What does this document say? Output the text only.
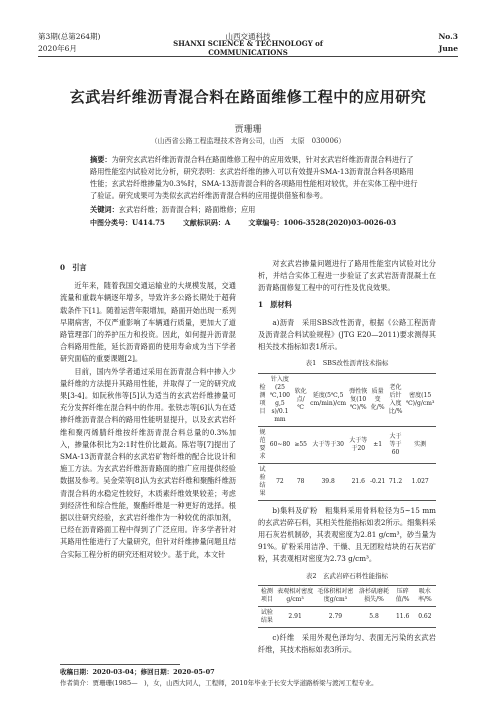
第3期(总第264期)	山西交通科技	No.3
2020年6月	SHANXI SCIENCE & TECHNOLOGY of COMMUNICATIONS	June
玄武岩纤维沥青混合料在路面维修工程中的应用研究
贾珊珊
（山西省公路工程监理技术咨询公司，山西　太原　030006）
摘要：为研究玄武岩纤维沥青混合料在路面维修工程中的应用效果，针对玄武岩纤维沥青混合料进行了路用性能室内试验对比分析，研究表明：玄武岩纤维的掺入可以有效提升SMA-13沥青混合料各项路用性能；玄武岩纤维掺量为0.3%时，SMA-13沥青混合料的各项路用性能相对较优，并在实体工程中进行了验证。研究成果可为类似玄武岩纤维沥青混合料的应用提供借鉴和参考。
关键词：玄武岩纤维；沥青混合料；路面维修；应用
中图分类号：U414.75	文献标识码：A	文章编号：1006-3528(2020)03-0026-03
0　引言

近年来，随着我国交通运输业的大规模发展，交通流量和重载车辆逐年增多，导致许多公路长期处于超荷载条件下[1]。随着运营年限增加，路面开始出现一系列早期病害，不仅严重影响了车辆通行质量，更加大了道路管理部门的养护压力和投资。因此，如何提升沥青混合料路用性能，延长沥青路面的使用寿命成为当下学者研究面临的重要课题[2]。

目前，国内外学者通过采用在沥青混合料中掺入少量纤维的方法提升其路用性能，并取得了一定的研究成果[3-4]。如阮秋伟等[5]认为适当的玄武岩纤维掺量可充分发挥纤维在混合料中的作用。张铁志等[6]认为在适掺纤维沥青混合料的路用性能明显提升，以及玄武岩纤维和聚丙烯腈纤维按纤维沥青混合料总量的0.3%加入，掺量体积比为2:1时性价比最高。陈岩等[7]提出了SMA-13沥青混合料的玄武岩矿物纤维的配合比设计和施工方法。为玄武岩纤维沥青路面的推广应用提供经验数据及参考。吴金荣等[8]认为玄武岩纤维和聚酯纤维沥青混合料的水稳定性较好，木质素纤维效果较差；考虑到经济性和综合性能，聚酯纤维是一种更好的选择。根据以往研究经验，玄武岩纤维作为一种较优的添加剂，已经在沥青路面工程中得到了广泛应用。许多学者针对其路用性能进行了大量研究，但针对纤维掺量问题且结合实际工程分析的研究还相对较少。基于此，本文针

对玄武岩掺量问题进行了路用性能室内试验对比分析，并结合实体工程进一步验证了玄武岩沥青混凝土在沥青路面修复工程中的可行性及优良效果。

1　原材料

a)沥青　采用SBS改性沥青，根据《公路工程沥青及沥青混合料试验规程》(JTG E20—2011)要求测得其相关技术指标如表1所示。

表1　SBS改性沥青技术指标
检测项目	针入度(25 ℃,100 g,5 s)/0.1 mm	软化点/℃	延度(5℃,5 cm/min)/cm	弹性恢复(10 ℃)/%	质量变化/%	老化后针入度比/%	密度(15 ℃)/g/cm³
规范要求	60~80	≥55	大于等于30	大于等于20	±1	大于等于60	实测
试验结果	72	78	39.8	21.6	-0.21	71.2	1.027

b)集料及矿粉　粗集料采用骨料粒径为5~15 mm的玄武岩碎石料，其相关性能指标如表2所示。细集料采用石灰岩机制砂，其表观密度为2.81 g/cm³，砂当量为91%。矿粉采用洁净、干燥、且无团粒结块的石灰岩矿粉，其表观相对密度为2.73 g/cm³。

表2　玄武岩碎石料性能指标
检测项目	表观相对密度g/cm³	毛体积相对密度g/cm³	洛杉矶磨耗损失/%	压碎值/%	吸水率/%
试验结果	2.91	2.79	5.8	11.6	0.62

c)纤维　采用外观色泽均匀、表面无污染的玄武岩纤维，其技术指标如表3所示。

收稿日期：2020-03-04；修回日期：2020-05-07
作者简介：贾珊珊(1985—　)，女，山西大同人，工程师，2010年毕业于长安大学道路桥梁与渡河工程专业。
